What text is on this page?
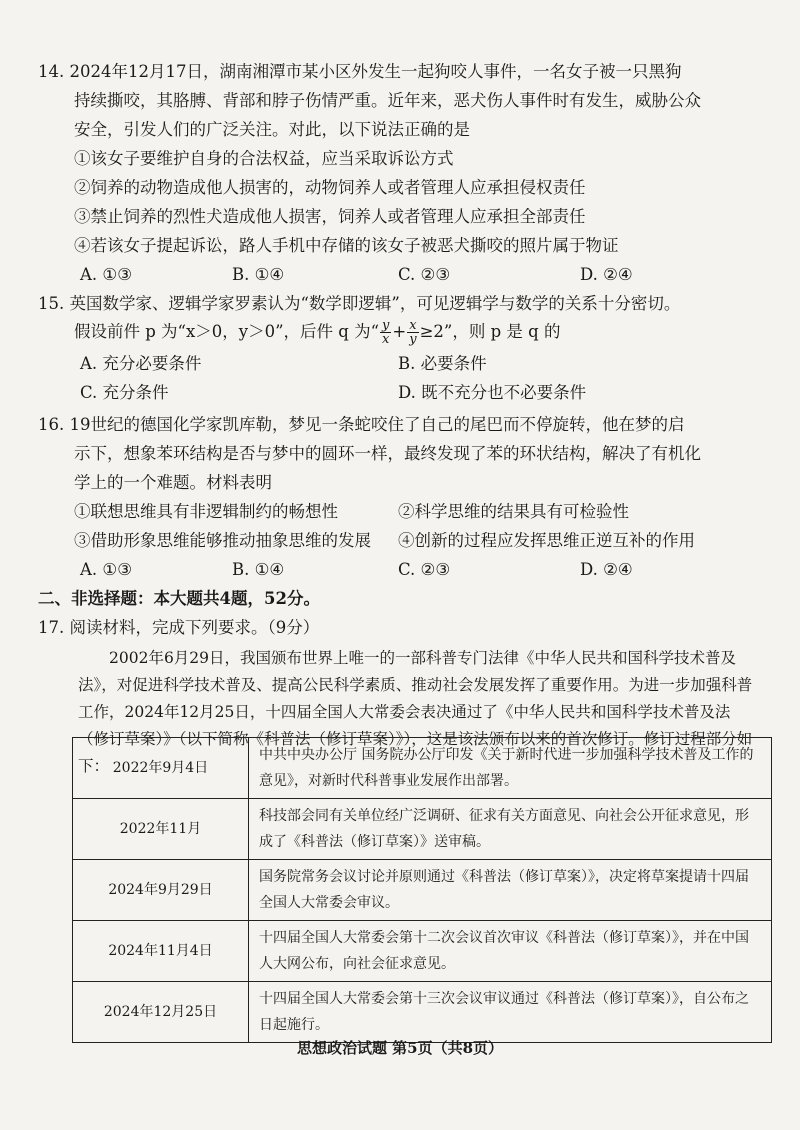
14. 2024年12月17日，湖南湘潭市某小区外发生一起狗咬人事件，一名女子被一只黑狗
持续撕咬，其胳膊、背部和脖子伤情严重。近年来，恶犬伤人事件时有发生，威胁公众
安全，引发人们的广泛关注。对此，以下说法正确的是
①该女子要维护自身的合法权益，应当采取诉讼方式
②饲养的动物造成他人损害的，动物饲养人或者管理人应承担侵权责任
③禁止饲养的烈性犬造成他人损害，饲养人或者管理人应承担全部责任
④若该女子提起诉讼，路人手机中存储的该女子被恶犬撕咬的照片属于物证
A. ①③	B. ①④	C. ②③	D. ②④
15. 英国数学家、逻辑学家罗素认为“数学即逻辑”，可见逻辑学与数学的关系十分密切。
假设前件 p 为“x＞0，y＞0”，后件 q 为“ $\frac{y}{x} + \frac{x}{y} \ge 2$”，则 p 是 q 的
A. 充分必要条件	B. 必要条件
C. 充分条件	D. 既不充分也不必要条件
16. 19世纪的德国化学家凯库勒，梦见一条蛇咬住了自己的尾巴而不停旋转，他在梦的启
示下，想象苯环结构是否与梦中的圆环一样，最终发现了苯的环状结构，解决了有机化
学上的一个难题。材料表明
①联想思维具有非逻辑制约的畅想性	②科学思维的结果具有可检验性
③借助形象思维能够推动抽象思维的发展 ④创新的过程应发挥思维正逆互补的作用
A. ①③	B. ①④	C. ②③	D. ②④
二、非选择题：本大题共4题，52分。
17. 阅读材料，完成下列要求。（9分）
2002年6月29日，我国颁布世界上唯一的一部科普专门法律《中华人民共和国科学技术普及法》，对促进科学技术普及、提高公民科学素质、推动社会发展发挥了重要作用。为进一步加强科普工作，2024年12月25日，十四届全国人大常委会表决通过了《中华人民共和国科学技术普及法（修订草案）》（以下简称《科普法（修订草案）》），这是该法颁布以来的首次修订。修订过程部分如下： 2022年9月4日	中共中央办公厅 国务院办公厅印发《关于新时代进一步加强科学技术普及工作的意见》，对新时代科普事业发展作出部署。
2022年11月	科技部会同有关单位经广泛调研、征求有关方面意见、向社会公开征求意见，形成了《科普法（修订草案）》送审稿。
2024年9月29日	国务院常务会议讨论并原则通过《科普法（修订草案）》，决定将草案提请十四届全国人大常委会审议。
2024年11月4日	十四届全国人大常委会第十二次会议首次审议《科普法（修订草案）》，并在中国人大网公布，向社会征求意见。
2024年12月25日	十四届全国人大常委会第十三次会议审议通过《科普法（修订草案）》，自公布之日起施行。
思想政治试题 第5页（共8页）
